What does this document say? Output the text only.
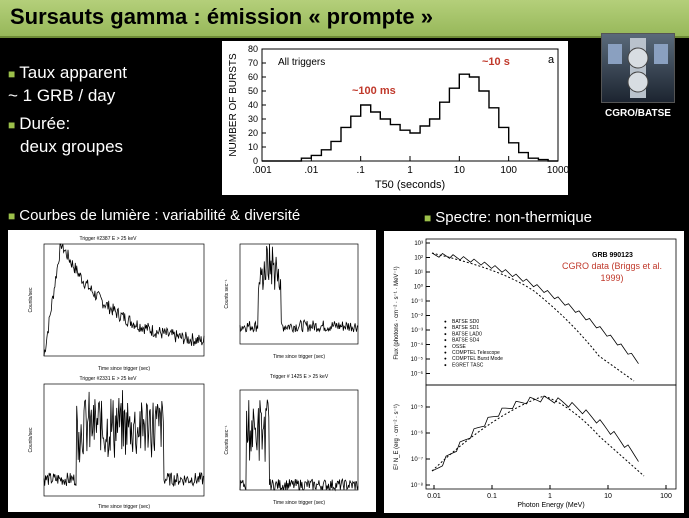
Sursauts gamma : émission « prompte »
■ Taux apparent
~ 1 GRB / day
■ Durée:
deux groupes
0
10
20
30
40
50
60
70
80
.001	.01	.1	1	10	100	1000
All triggers	a
~100 ms
~10 s
T50 (seconds)
NUMBER OF BURSTS	CGRO/BATSE
■ Courbes de lumière : variabilité & diversité	■ Spectre: non-thermique
Trigger #2387 E > 25 keV
Time since trigger (sec)
Counts/sec
Time since trigger (sec)
Counts sec⁻¹
Trigger #2331 E > 25 keV
Time since trigger (sec)
Counts/sec
Trigger # 1425 E > 25 keV
Time since trigger (sec)
Counts sec⁻¹
10³
10²
10¹
10⁰
10⁻¹
10⁻²
10⁻³
10⁻⁴
10⁻⁵
10⁻⁶
10⁻⁵
10⁻⁶
10⁻⁷
10⁻⁸
0.01	0.1	1	10	100
GRB 990123
CGRO data (Briggs et al.
1999)
● BATSE SD0
● BATSE SD1
● BATSE LAD0
● BATSE SD4
● OSSE
● COMPTEL Telescope
● COMPTEL Burst Mode
● EGRET TASC
Flux (photons · cm⁻² · s⁻¹ · MeV⁻¹)
E² N_E (erg · cm⁻² · s⁻¹)
Photon Energy (MeV)
